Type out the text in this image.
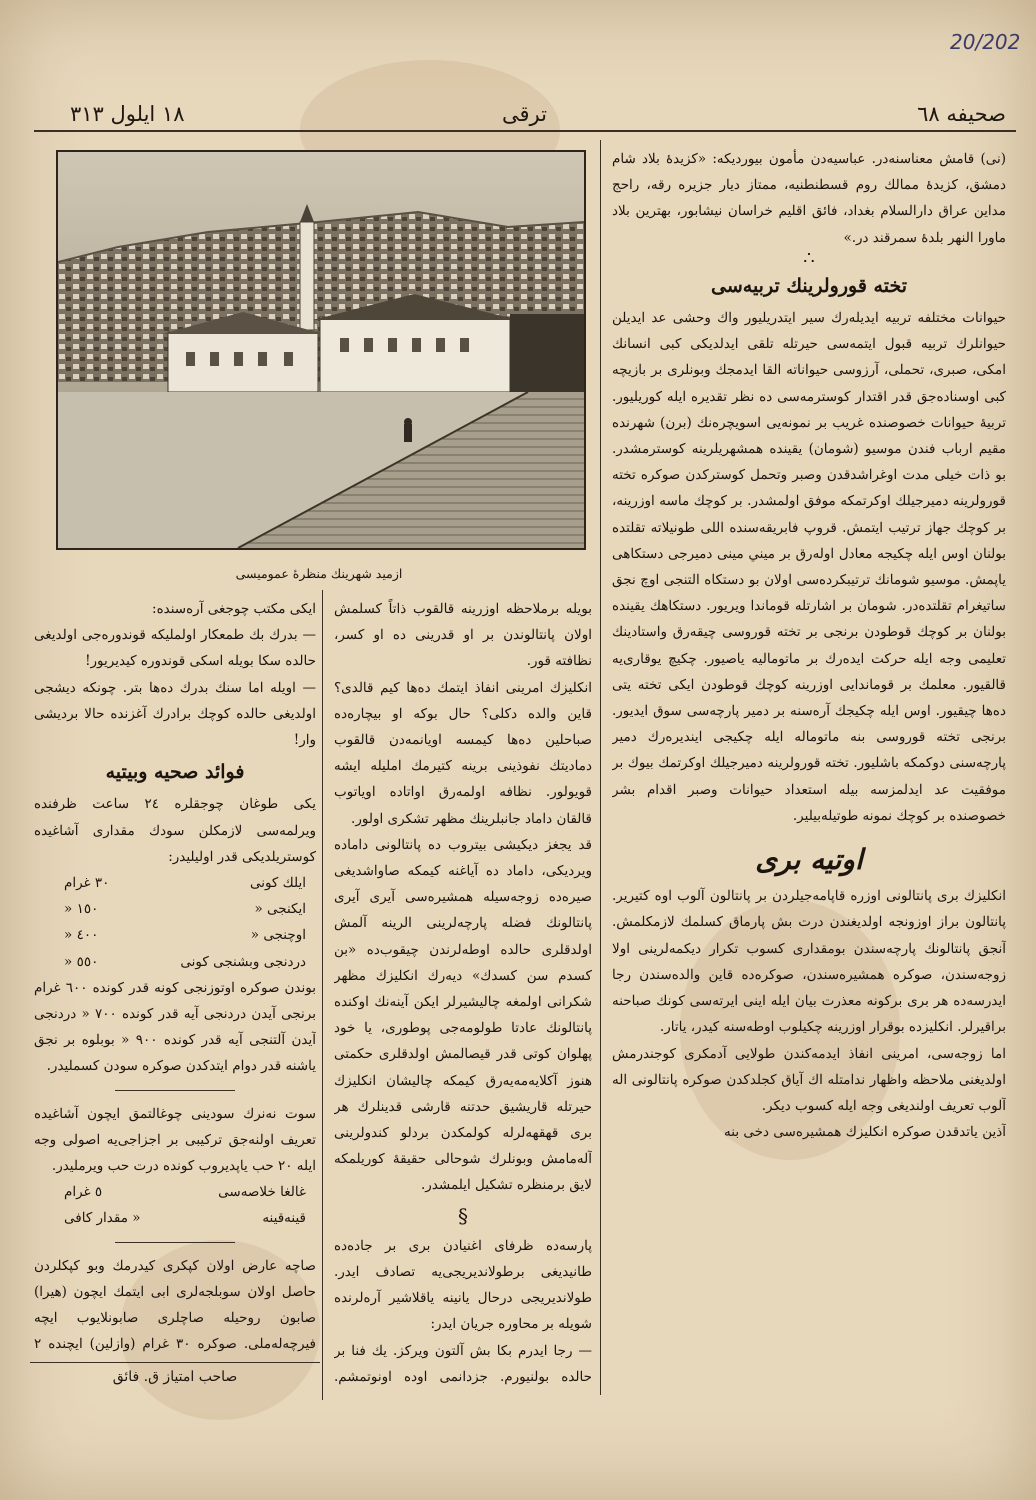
20/202
١٨ ايلول ٣١٣	ترقى	صحيفه ٦٨
ازميد شهرينك منظرهٔ عموميسى

(نى) قامش معناسنه‌در. عباسيه‌دن مأمون بيورديكه: «كزيدهٔ بلاد شام دمشق، كزيدهٔ ممالك روم قسطنطنيه، ممتاز ديار جزيره رقه، راحج مداين عراق دارالسلام بغداد، فائق اقليم خراسان نيشابور، بهترين بلاد ماورا النهر بلدهٔ سمرقند در.»

∴
تخته قورولرينك تربيه‌سى

حيوانات مختلفه تربيه ايديله‌رك سير ايتدريليور واك وحشى عد ايديلن حيوانلرك تربيه قبول ايتمه‌سى حيرتله تلقى ايدلديكى كبى انسانك امكى، صبرى، تحملى، آرزوسى حيواناته القا ايدمجك وبونلرى بر بازيچه كبى اوسناده‌جق قدر اقتدار كوسترمه‌سى ده نظر تقديره ايله كوريليور. تربيهٔ حيوانات خصوصنده غريب بر نمونه‌يى اسويچره‌نك (برن) شهرنده مقيم ارباب فندن موسيو (شومان) يقينده همشهريلرينه كوسترمشدر. بو ذات خيلى مدت اوغراشدقدن وصبر وتحمل كوستركدن صوكره تخته قورولرينه دميرجيلك اوكرتمكه موفق اولمشدر. بر كوچك ماسه اوزرينه، بر كوچك جهاز ترتيب ايتمش. قروپ فابريقه‌سنده اللى طونيلاته تقلتده بولنان اوس ايله چكيجه معادل اوله‌رق بر ميني مينى دميرجى دستكاهى ياپمش. موسيو شومانك ترتيبكرده‌سى اولان بو دستكاه التنجى اوچ نجق ساتيغرام تقلتده‌در. شومان بر اشارتله قوماندا ويريور. دستكاهك يقينده بولنان بر كوچك قوطودن برنجى بر تخته قوروسى چيقه‌رق واستادينك تعليمى وجه ايله حركت ايده‌رك بر ماتوماليه ياصيور. چكيچ يوقارى‌يه قالقيور. معلمك بر قوماندايى اوزرينه كوچك قوطودن ايكى تخته يتى ده‌ها چيقيور. اوس ايله چكيجك آره‌سنه بر دمير پارچه‌سى سوق ايديور. برنجى تخته قوروسى بنه ماتوماله ايله چكيجى ايندير‌ه‌رك دمير پارچه‌سنى دوكمكه باشليور. تخته قورولرينه دميرجيلك اوكرتمك بيوك بر موفقيت عد ايدلمزسه بيله استعداد حيوانات وصبر اقدام بشر خصوصنده بر كوچك نمونه طوتيله‌بيلير.

اوتيه برى

انكليزك برى پانتالونى اوزره قاپامه‌جيلردن بر پانتالون آلوب اوه كتيرير. پانتالون براز اوزونجه اولديغندن درت بش پارماق كسلمك لازمكلمش. آنجق پانتالونك پارچه‌سندن بومقدارى كسوب تكرار ديكمه‌لرينى اولا زوجه‌سندن، صوكره همشيره‌سندن، صوكره‌ده قاين والده‌سندن رجا ايدرسه‌ده هر برى بركونه معذرت بيان ايله اينى ايرته‌سى كونك صباحنه براقيرلر. انكليزده بوقرار اوزرينه چكيلوب اوطه‌سنه كيدر، ياتار.
اما زوجه‌سى، امرينى انفاذ ايدمه‌كندن طولايى آدمكرى كوجندرمش اولديغنى ملاحظه واظهار ندامتله اك آياق كجلدكدن صوكره پانتالونى اله آلوب تعريف اولنديغى وجه ايله كسوب ديكر.
آذين ياتدقدن صوكره انكليزك همشيره‌سى دخى بنه

بويله برملاحظه اوزرينه قالقوب ذاتاً كسلمش اولان پانتالوندن بر او قدرينى ده او كسر، نظافته قور.
انكليزك امرينى انفاذ ايتمك ده‌ها كيم قالدى؟ قاين والده دكلى؟ حال بوكه او بيچاره‌ده صباحلين ده‌ها كيمسه اويانمه‌دن قالقوب دماديتك نفوذينى برينه كتيرمك امليله ايشه قويولور. نظافه اولمه‌رق اواتاده اوياتوب قالقان داماد جانبلرينك مظهر تشكرى اولور.

قد يجغز ديكيشى بيتروب ده پانتالونى داماده ويرديكى، داماد ده آياغنه كيمكه صاواشديغى صيره‌ده زوجه‌سيله همشيره‌سى آيرى آيرى پانتالونك فضله پارچه‌لرينى الرينه آلمش اولدقلرى حالده اوطه‌لرندن چيقوب‌ده «بن كسدم سن كسدك» ديه‌رك انكليزك مظهر شكرانى اولمغه چاليشيرلر ايكن آينه‌نك اوكنده پانتالونك عادتا طولومه‌جى پوطورى، يا خود پهلوان كوتى قدر قيصالمش اولدقلرى حكمتى هنوز آكلايه‌مه‌يه‌رق كيمكه چاليشان انكليزك حيرتله قاريشيق حدتنه قارشى قدينلرك هر برى قهقهه‌لرله كولمكدن بردلو كندولرينى آله‌مامش وبونلرك شوحالى حقيقهٔ كوريلمكه لايق برمنظره تشكيل ايلمشدر.

§

پارسه‌ده ظرفاى اغنيادن برى بر جاده‌ده طانيديغى برطولانديريجى‌يه تصادف ايدر. طولانديريجى درحال يانينه ياقلاشير آره‌لرنده شويله بر محاوره جريان ايدر:
— رجا ايدرم بكا بش آلتون ويركز. يك فنا بر حالده بولنيورم. جزدانمى اوده اونوتمشم.

ايكى مكتب چوجغى آره‌سنده:
— بدرك بك طمعكار اولمليكه قوندوره‌جى اولديغى حالده سكا بويله اسكى قوندوره كيديريور!
— اويله اما سنك بدرك ده‌ها بتر. چونكه ديشجى اولديغى حالده كوچك برادرك آغزنده حالا برديشى وار!

فوائد صحيه وبيتيه

يكى طوغان چوجقلره ٢٤ ساعت ظرفنده ويرلمه‌سى لازمكلن سودك مقدارى آشاغيده كوستريلديكى قدر اوليليدر:

ايلك كونى
٣٠ غرام
ايكنجى «
١٥٠ «
اوچنجى «
٤٠٠ «
دردنجى وبشنجى كونى
٥٥٠ «

بوندن صوكره اوتوزنجى كونه قدر كونده ٦٠٠ غرام برنجى آيدن دردنجى آيه قدر كونده ٧٠٠ « دردنجى آيدن آلتنجى آيه قدر كونده ٩٠٠ « بوبلوه بر نجق ياشنه قدر دوام ايتدكدن صوكره سودن كسمليدر.

سوت نه‌نرك سودينى چوغالتمق ايچون آشاغيده تعريف اولنه‌جق تركيبى بر اجزاجى‌يه اصولى وجه ايله ٢٠ حب ياپديروب كونده درت حب ويرمليدر.

غالغا خلاصه‌سى
٥ غرام
قينه‌قينه
« مقدار كافى

صاچه عارض اولان كپكرى كيدرمك وبو كپكلردن حاصل اولان سوبلجه‌لرى ابى ايتمك ايچون (هيرا) صابون روحيله صاچلرى صابونلايوب ايچه فيرچه‌له‌ملى. صوكره ٣٠ غرام (وازلين) ايچنده ٢

صاحب امتياز ق. فائق
